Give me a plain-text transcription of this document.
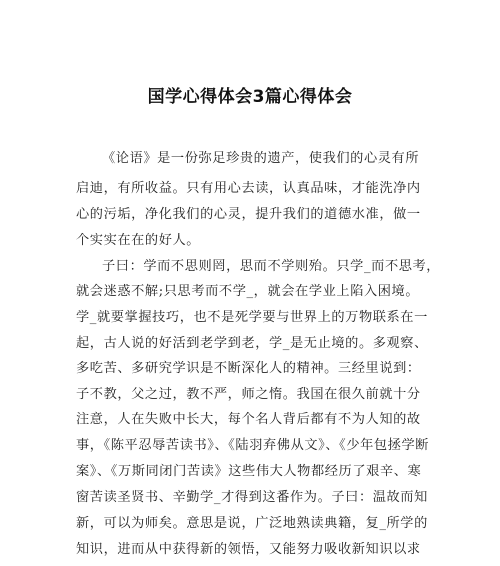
国学心得体会3篇心得体会
《论语》是一份弥足珍贵的遗产，使我们的心灵有所
启迪，有所收益。只有用心去读，认真品味，才能洗净内
心的污垢，净化我们的心灵，提升我们的道德水准，做一
个实实在在的好人。
子曰：学而不思则罔，思而不学则殆。只学_而不思考，
就会迷惑不解;只思考而不学_，就会在学业上陷入困境。
学_就要掌握技巧，也不是死学要与世界上的万物联系在一
起，古人说的好活到老学到老，学_是无止境的。多观察、
多吃苦、多研究学识是不断深化人的精神。三经里说到：
子不教，父之过，教不严，师之惰。我国在很久前就十分
注意，人在失败中长大，每个名人背后都有不为人知的故
事，《陈平忍辱苦读书》、《陆羽弃佛从文》、《少年包拯学断
案》、《万斯同闭门苦读》这些伟大人物都经历了艰辛、寒
窗苦读圣贤书、辛勤学_才得到这番作为。子曰：温故而知
新，可以为师矣。意思是说，广泛地熟读典籍，复_所学的
知识，进而从中获得新的领悟，又能努力吸收新知识以求
